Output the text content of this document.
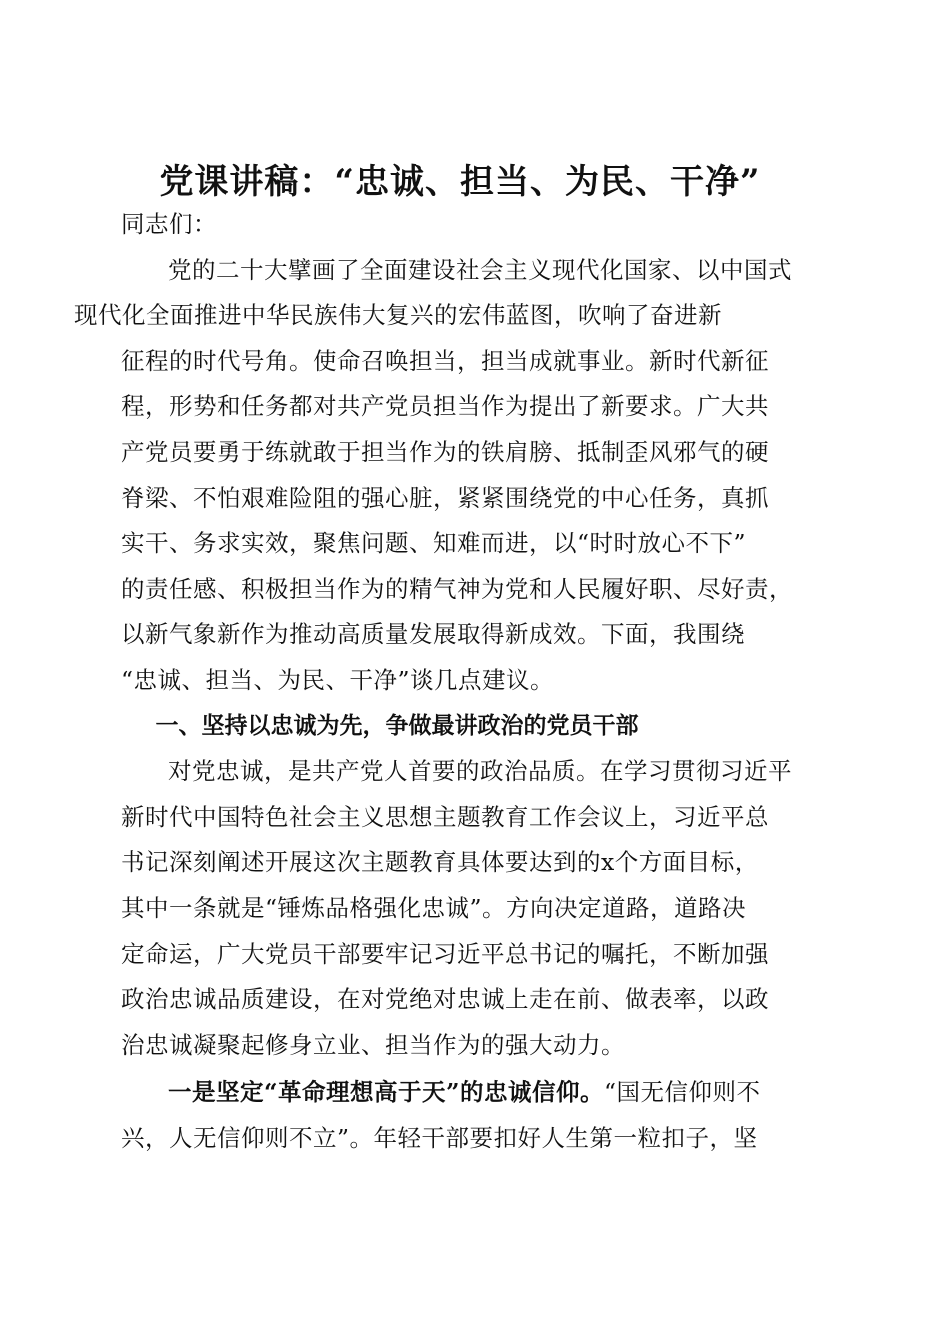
党课讲稿：“忠诚、担当、为民、干净”

同志们：

党的二十大擘画了全面建设社会主义现代化国家、以中国式
现代化全面推进中华民族伟大复兴的宏伟蓝图，吹响了奋进新
征程的时代号角。使命召唤担当，担当成就事业。新时代新征
程，形势和任务都对共产党员担当作为提出了新要求。广大共
产党员要勇于练就敢于担当作为的铁肩膀、抵制歪风邪气的硬
脊梁、不怕艰难险阻的强心脏，紧紧围绕党的中心任务，真抓
实干、务求实效，聚焦问题、知难而进，以“时时放心不下”
的责任感、积极担当作为的精气神为党和人民履好职、尽好责，
以新气象新作为推动高质量发展取得新成效。下面，我围绕
“忠诚、担当、为民、干净”谈几点建议。

一、坚持以忠诚为先，争做最讲政治的党员干部

对党忠诚，是共产党人首要的政治品质。在学习贯彻习近平
新时代中国特色社会主义思想主题教育工作会议上，习近平总
书记深刻阐述开展这次主题教育具体要达到的x个方面目标，
其中一条就是“锤炼品格强化忠诚”。方向决定道路，道路决
定命运，广大党员干部要牢记习近平总书记的嘱托，不断加强
政治忠诚品质建设，在对党绝对忠诚上走在前、做表率，以政
治忠诚凝聚起修身立业、担当作为的强大动力。

一是坚定“革命理想高于天”的忠诚信仰。“国无信仰则不
兴，人无信仰则不立”。年轻干部要扣好人生第一粒扣子，坚
